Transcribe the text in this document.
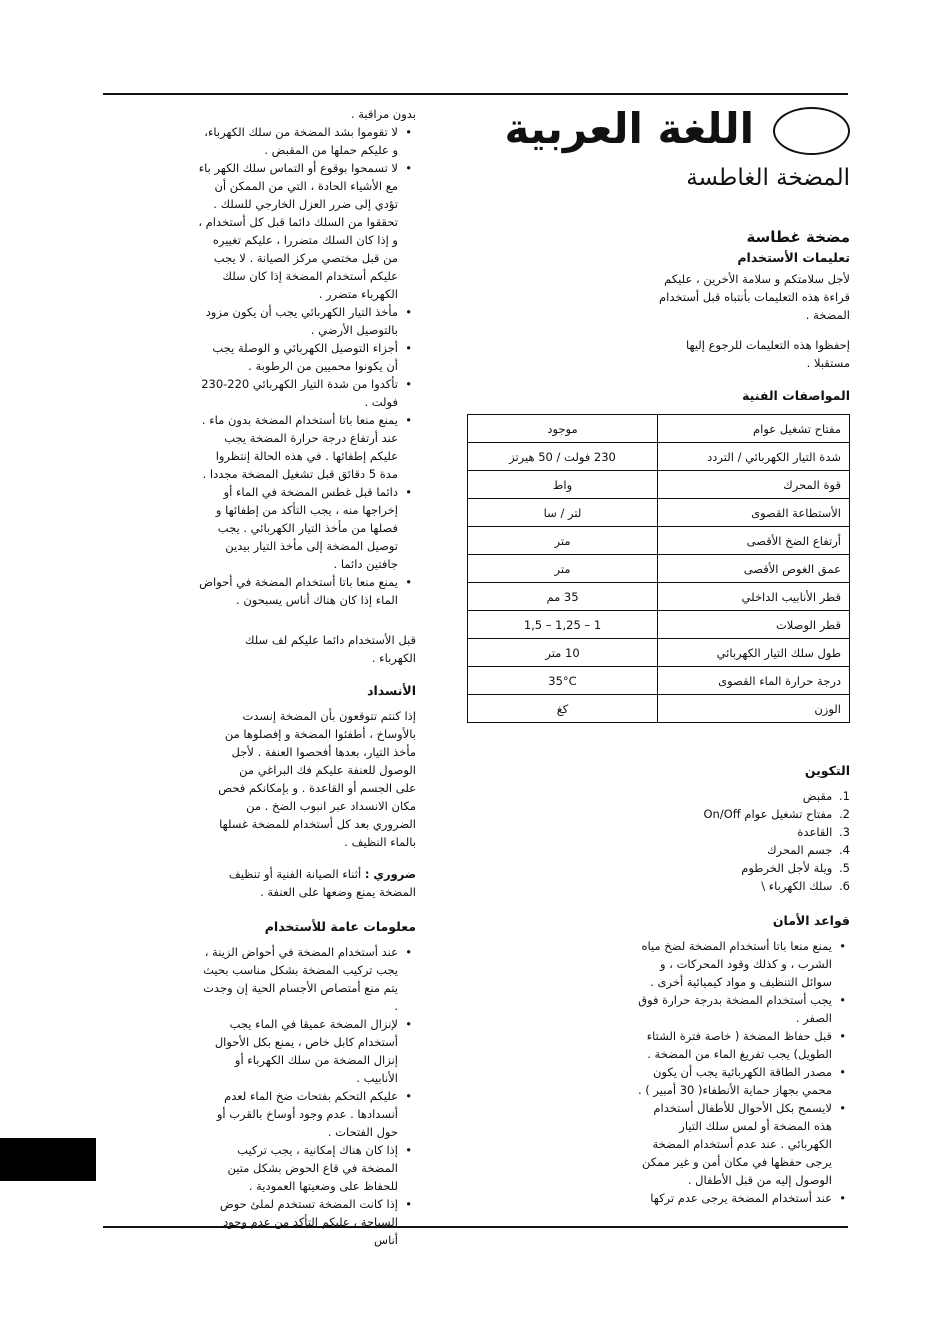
اللغة العربية
المضخة الغاطسة
مضخة غطاسة
تعليمات الأستخدام

لأجل سلامتكم و سلامة الأخرين ، عليكم قراءة هذه التعليمات بأنتباه قبل أستخدام المضخة .

إحفظوا هذه التعليمات للرجوع إليها مستقبلا .

المواصفات الفنية
مفتاح تشغيل عوام	موجود
شدة التيار الكهربائي / التردد	230 فولت / 50 هيرتز
قوة المحرك	واط
الأستطاعة القصوى	لتر / سا
أرتفاع الضخ الأقصى	متر
عمق الغوص الأقصى	متر
قطر الأنابيب الداخلي	35 مم
قطر الوصلات	1 – 1,25 – 1,5
طول سلك التيار الكهربائي	10 متر
درجة حرارة الماء القصوى	35°C
الوزن	كغ
التكوين
1. مقبض
2. مفتاح تشغيل عوام On/Off
3. القاعدة
4. جسم المحرك
5. ويلة لأجل الخرطوم
6. سلك الكهرباء \
قواعد الأمان
• يمنع منعا باتا أستخدام المضخة لضخ مياه الشرب ، و كذلك وقود المحركات ، و سوائل التنظيف و مواد كيميائية أخرى .
• يجب أستخدام المضخة بدرجة حرارة فوق الصفر .
• قبل حفاظ المضخة ( خاصة فترة الشتاء الطويل) يجب تفريغ الماء من المضخة .
• مصدر الطاقة الكهربائية يجب أن يكون محمي بجهاز حماية الأنطفاء( 30 أمبير ) .
• لايسمح بكل الأحوال للأطفال أستخدام هذه المضخة أو لمس سلك التيار الكهربائي . عند عدم أستخدام المضخة يرجى حفظها في مكان أمن و غير ممكن الوصول إليه من قبل الأطفال .
• عند أستخدام المضخة يرجى عدم تركها

بدون مراقبة .

• لا تقوموا بشد المضخة من سلك الكهرباء، و عليكم حملها من المقبض .
• لا تسمحوا بوقوع أو التماس سلك الكهر باء مع الأشياء الحادة ، التي من الممكن أن تؤدي إلى ضرر العزل الخارجي للسلك . تحققوا من السلك دائما قبل كل أستخدام ، و إذا كان السلك متضررا ، عليكم تغييره من قبل مختصي مركز الصيانة . لا يجب عليكم أستخدام المضخة إذا كان سلك الكهرباء متضرر .
• مأخذ التيار الكهربائي يجب أن يكون مزود بالتوصيل الأرضي .
• أجزاء التوصيل الكهربائي و الوصلة يجب أن يكونوا محميين من الرطوبة .
• تأكدوا من شدة التيار الكهربائي 220-230 فولت .
• يمنع منعا باتا أستخدام المضخة بدون ماء . عند أرتفاع درجة حرارة المضخة يجب عليكم إطفائها . في هذه الحالة إنتظروا مدة 5 دقائق قبل تشغيل المضخة مجددا .
• دائما قبل غطس المضخة في الماء أو إخراجها منه ، يجب التأكد من إطفائها و فصلها من مأخذ التيار الكهربائي . يجب توصيل المضخة إلى مأخذ التيار بيدين جافتين دائما .
• يمنع منعا باتا أستخدام المضخة في أحواض الماء إذا كان هناك أناس يسبحون .

قبل الأستخدام دائما عليكم لف سلك الكهرباء .

الأنسداد

إذا كنتم تتوقعون بأن المضخة إنسدت بالأوساخ ، أطفئوا المضخة و إفصلوها من مأخذ التيار، بعدها أفحصوا العنفة . لأجل الوصول للعنفة عليكم فك البراغي من على الجسم أو القاعدة . و بإمكانكم فحص مكان الانسداد عبر انبوب الضخ . من الضروري بعد كل أستخدام للمضخة غسلها بالماء النظيف .

ضروري : أثناء الصيانة الفنية أو تنظيف المضخة يمنع وضعها على العنفة .

معلومات عامة للأستخدام
• عند أستخدام المضخة في أحواض الزينة ، يجب تركيب المضخة بشكل مناسب بحيث يتم منع أمتصاص الأجسام الحية إن وجدت .
• لإنزال المضخة عميقا في الماء يجب أستخدام كابل خاص ، يمنع بكل الأحوال إنزال المضخة من سلك الكهرباء أو الأنابيب .
• عليكم التحكم بفتحات ضخ الماء لعدم أنسدادها . عدم وجود أوساخ بالقرب أو حول الفتحات .
• إذا كان هناك إمكانية ، يجب تركيب المضخة في قاع الحوض بشكل متين للحفاظ على وضعيتها العمودية .
• إذا كانت المضخة تستخدم لملئ حوض السباحة ، عليكم التأكد من عدم وجود أناس
